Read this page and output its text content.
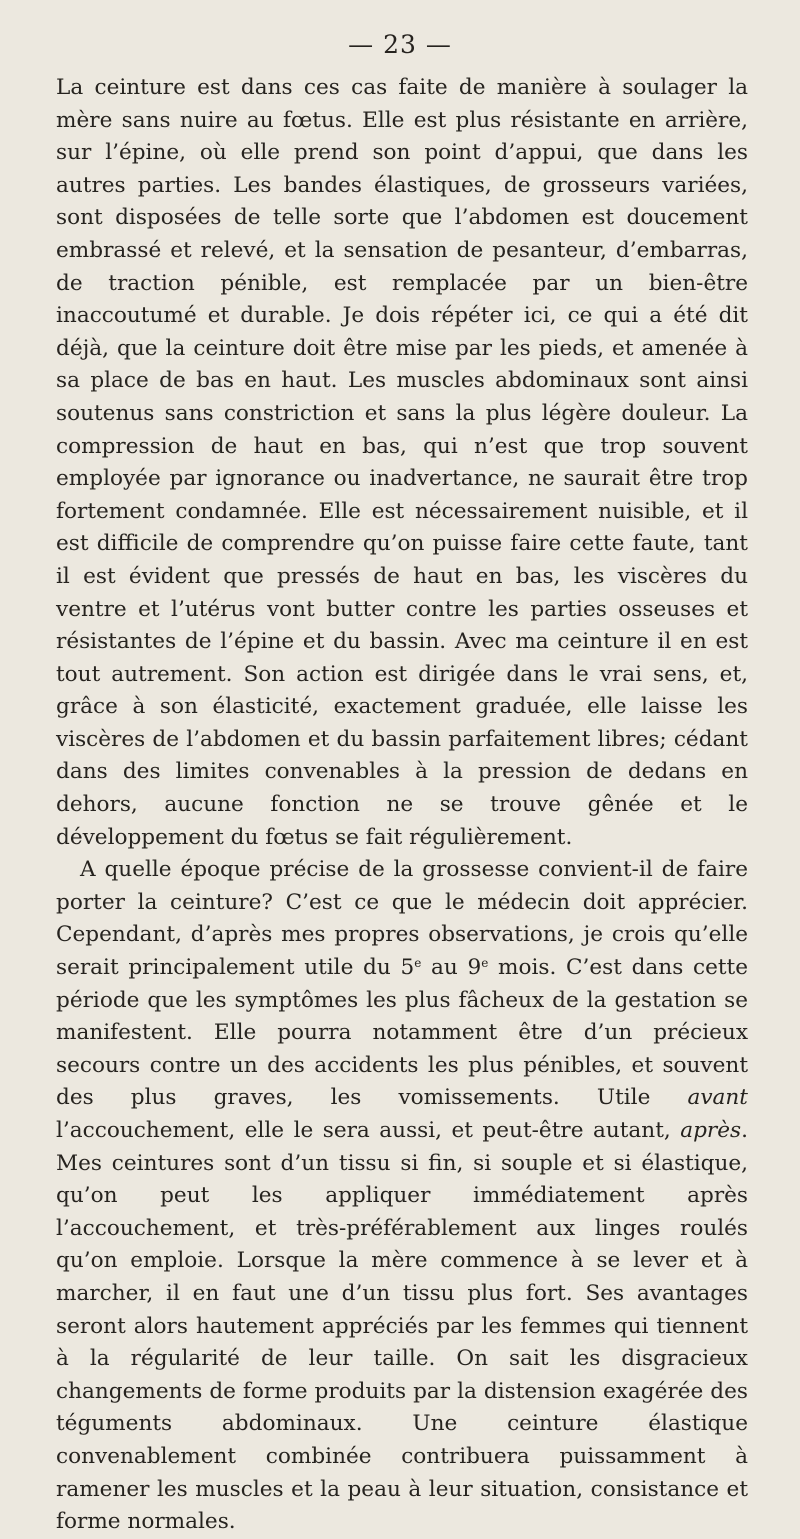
— 23 —

La ceinture est dans ces cas faite de manière à soulager la mère sans nuire au fœtus. Elle est plus résistante en arrière, sur l’épine, où elle prend son point d’appui, que dans les autres parties. Les bandes élastiques, de grosseurs variées, sont disposées de telle sorte que l’abdomen est doucement embrassé et relevé, et la sensation de pesanteur, d’embarras, de traction pénible, est remplacée par un bien-être inaccoutumé et durable. Je dois répéter ici, ce qui a été dit déjà, que la ceinture doit être mise par les pieds, et amenée à sa place de bas en haut. Les muscles abdominaux sont ainsi soutenus sans constriction et sans la plus légère douleur. La compression de haut en bas, qui n’est que trop souvent employée par ignorance ou inadvertance, ne saurait être trop fortement condamnée. Elle est nécessairement nuisible, et il est difficile de comprendre qu’on puisse faire cette faute, tant il est évident que pressés de haut en bas, les viscères du ventre et l’utérus vont butter contre les parties osseuses et résistantes de l’épine et du bassin. Avec ma ceinture il en est tout autrement. Son action est dirigée dans le vrai sens, et, grâce à son élasticité, exactement graduée, elle laisse les viscères de l’abdomen et du bassin parfaitement libres; cédant dans des limites convenables à la pression de dedans en dehors, aucune fonction ne se trouve gênée et le développement du fœtus se fait régulièrement.

A quelle époque précise de la grossesse convient-il de faire porter la ceinture? C’est ce que le médecin doit apprécier. Cependant, d’après mes propres observations, je crois qu’elle serait principalement utile du 5e au 9e mois. C’est dans cette période que les symptômes les plus fâcheux de la gestation se manifestent. Elle pourra notamment être d’un précieux secours contre un des accidents les plus pénibles, et souvent des plus graves, les vomissements. Utile avant l’accouchement, elle le sera aussi, et peut-être autant, après. Mes ceintures sont d’un tissu si fin, si souple et si élastique, qu’on peut les appliquer immédiatement après l’accouchement, et très-préférablement aux linges roulés qu’on emploie. Lorsque la mère commence à se lever et à marcher, il en faut une d’un tissu plus fort. Ses avantages seront alors hautement appréciés par les femmes qui tiennent à la régularité de leur taille. On sait les disgracieux changements de forme produits par la distension exagérée des téguments abdominaux. Une ceinture élastique convenablement combinée contribuera puissamment à ramener les muscles et la peau à leur situation, consistance et forme normales.
